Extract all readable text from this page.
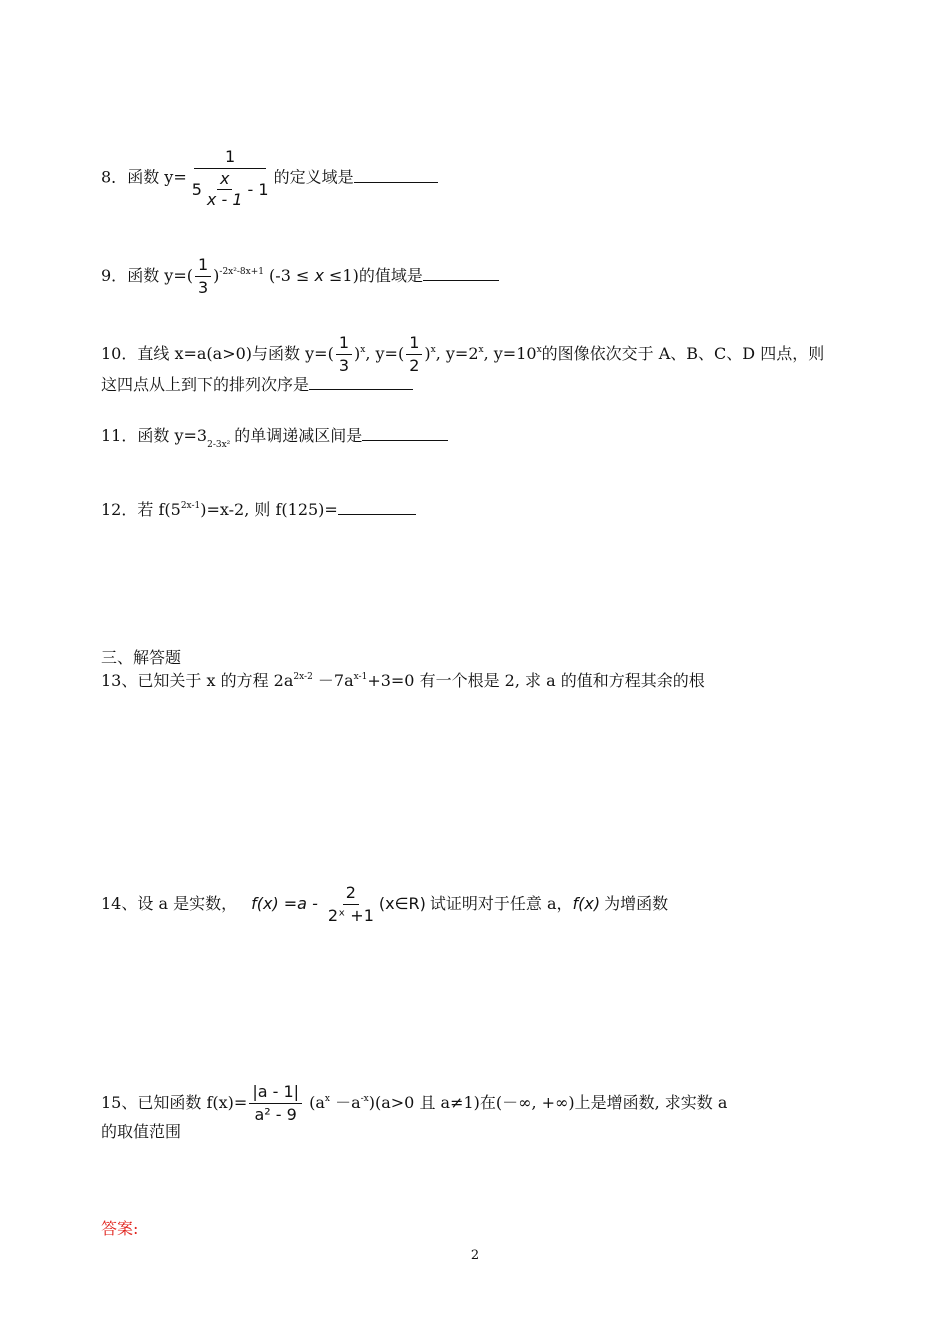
8．函数 $y= \frac{1}{5 \frac{x}{x - 1} - 1}$ 的定义域是
9．函数 $y=( \frac{1}{3} )^{-2x^2-8x+1}$ (-3 ≤ x ≤1)的值域是
10．直线 x=a(a>0)与函数 $y=( \frac{1}{3} )^x$, $y=( \frac{1}{2} )^x$, $y=2^x$, $y=10^x$的图像依次交于 A、B、C、D 四点，则
这四点从上到下的排列次序是
11．函数 $y=3_{2-3x^2}$ 的单调递减区间是
12．若 $f(5^{2x-1})=x-2$, 则 f(125)=
三、解答题
13、已知关于 x 的方程 $2a^{2x-2} -7a^{x-1}+3=0$ 有一个根是 2, 求 a 的值和方程其余的根
14、设 a 是实数， $f(x) =a - \frac{2}{\text{2ˣ +1}}$ (x∈R) 试证明对于任意 a，f(x) 为增函数
15、已知函数 $f(x)= \frac{|a - 1|}{\text{a² - 9}} (a^x -a^{-x})(a>0$ 且 a≠1)在(－∞, +∞)上是增函数, 求实数 a
的取值范围
答案:
2
